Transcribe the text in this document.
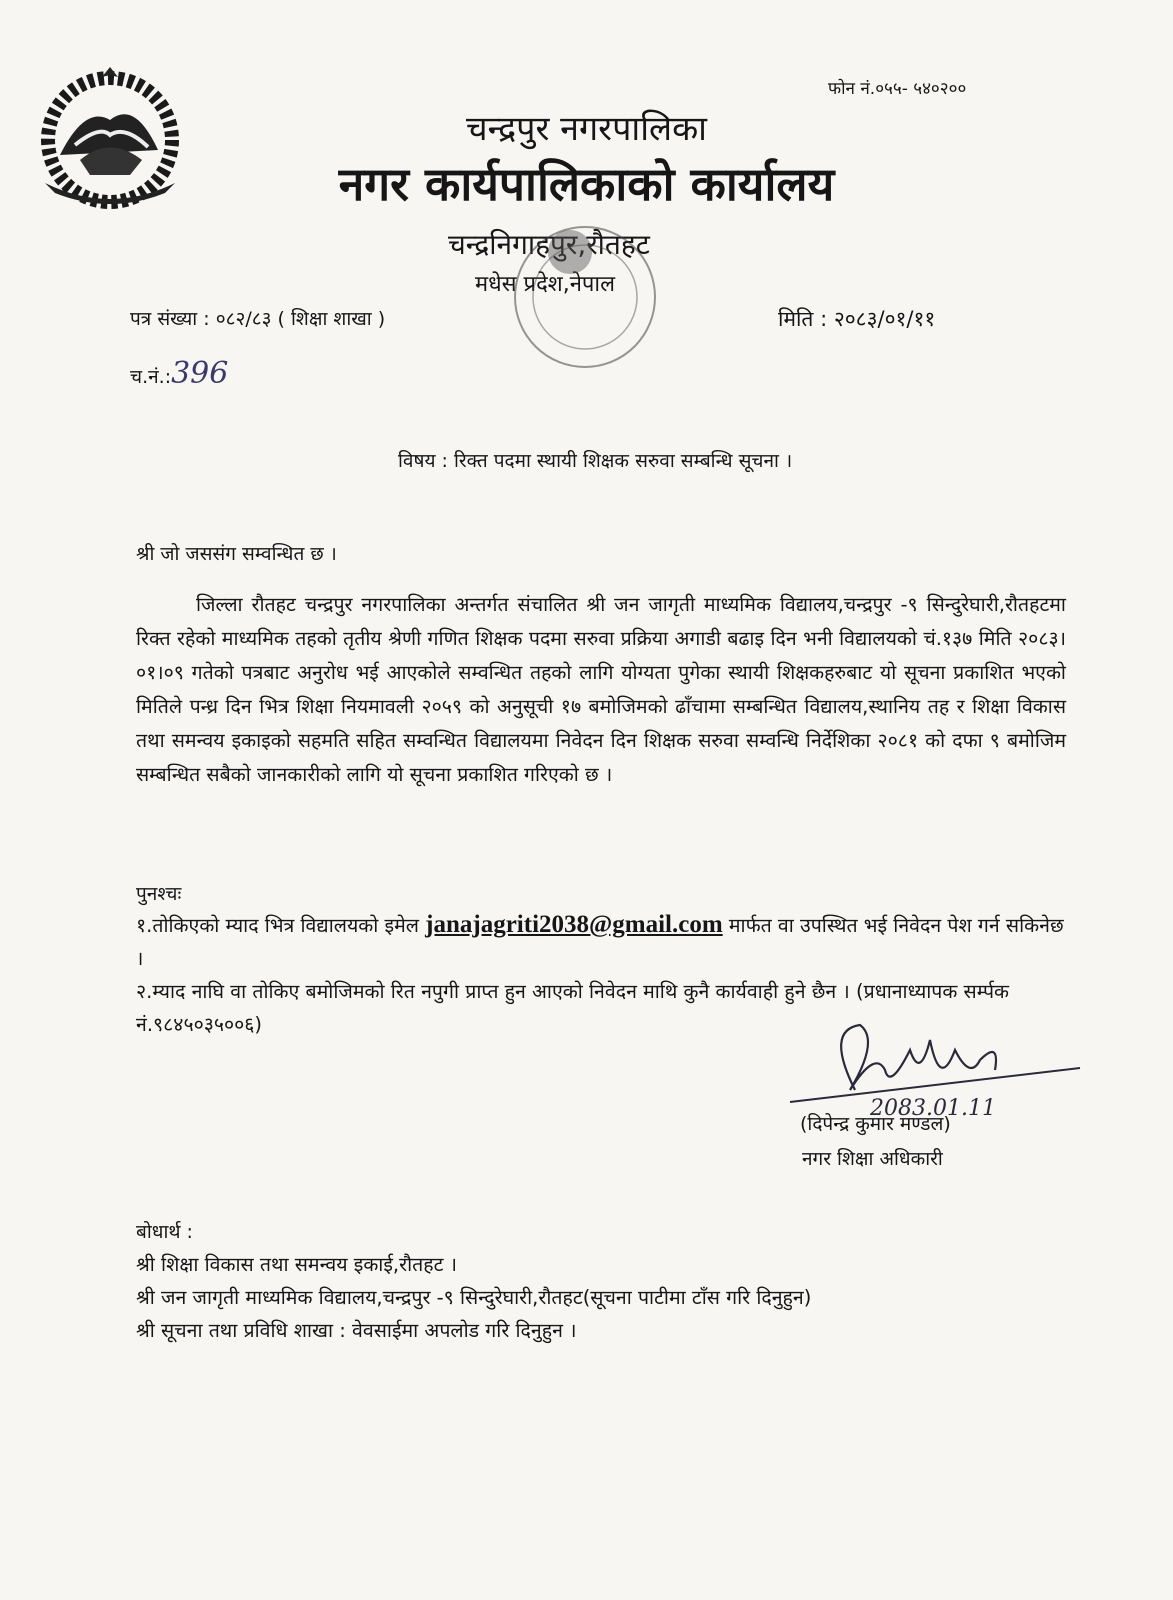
फोन नं.०५५- ५४०२००
चन्द्रपुर नगरपालिका
नगर कार्यपालिकाको कार्यालय
चन्द्रनिगाहपुर,रौतहट
मधेस प्रदेश,नेपाल
पत्र संख्या : ०८२/८३ ( शिक्षा शाखा )	मिति : २०८३/०१/११
च.नं.:396
विषय : रिक्त पदमा स्थायी शिक्षक सरुवा सम्बन्धि सूचना ।
श्री जो जससंग सम्वन्धित छ ।
जिल्ला रौतहट चन्द्रपुर नगरपालिका अन्तर्गत संचालित श्री जन जागृती माध्यमिक विद्यालय,चन्द्रपुर -९ सिन्दुरेघारी,रौतहटमा रिक्त रहेको माध्यमिक तहको तृतीय श्रेणी गणित शिक्षक पदमा सरुवा प्रक्रिया अगाडी बढाइ दिन भनी विद्यालयको चं.१३७ मिति २०८३।०१।०९ गतेको पत्रबाट अनुरोध भई आएकोले सम्वन्धित तहको लागि योग्यता पुगेका स्थायी शिक्षकहरुबाट यो सूचना प्रकाशित भएको मितिले पन्ध्र दिन भित्र शिक्षा नियमावली २०५९ को अनुसूची १७ बमोजिमको ढाँचामा सम्बन्धित विद्यालय,स्थानिय तह र शिक्षा विकास तथा समन्वय इकाइको सहमति सहित सम्वन्धित विद्यालयमा निवेदन दिन शिक्षक सरुवा सम्वन्धि निर्देशिका २०८१ को दफा ९ बमोजिम सम्बन्धित सबैको जानकारीको लागि यो सूचना प्रकाशित गरिएको छ ।
पुनश्चः
१.तोकिएको म्याद भित्र विद्यालयको इमेल janajagriti2038@gmail.com मार्फत वा उपस्थित भई निवेदन पेश गर्न सकिनेछ ।
२.म्याद नाघि वा तोकिए बमोजिमको रित नपुगी प्राप्त हुन आएको निवेदन माथि कुनै कार्यवाही हुने छैन । (प्रधानाध्यापक सर्म्पक नं.९८४५०३५००६)
2083.01.11
(दिपेन्द्र कुमार मण्डल)
नगर शिक्षा अधिकारी
बोधार्थ :
श्री शिक्षा विकास तथा समन्वय इकाई,रौतहट ।
श्री जन जागृती माध्यमिक विद्यालय,चन्द्रपुर -९ सिन्दुरेघारी,रौतहट(सूचना पाटीमा टाँस गरि दिनुहुन)
श्री सूचना तथा प्रविधि शाखा : वेवसाईमा अपलोड गरि दिनुहुन ।
